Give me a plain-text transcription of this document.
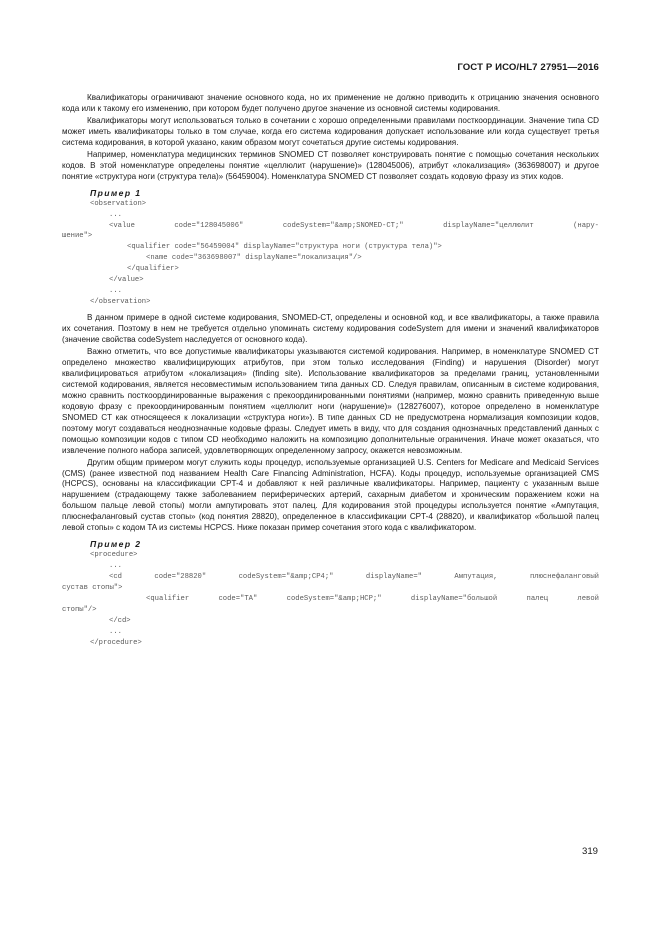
ГОСТ Р ИСО/HL7 27951—2016

Квалификаторы ограничивают значение основного кода, но их применение не должно приводить к отрицанию значения основного кода или к такому его изменению, при котором будет получено другое значение из основной системы кодирования.

Квалификаторы могут использоваться только в сочетании с хорошо определенными правилами посткоординации. Значение типа CD может иметь квалификаторы только в том случае, когда его система кодирования допускает использование или когда существует третья система кодирования, в которой указано, каким образом могут сочетаться другие системы кодирования.

Например, номенклатура медицинских терминов SNOMED CT позволяет конструировать понятие с помощью сочетания нескольких кодов. В этой номенклатуре определены понятие «целлюлит (нарушение)» (128045006), атрибут «локализация» (363698007) и другое понятие «структура ноги (структура тела)» (56459004). Номенклатура SNOMED CT позволяет создать кодовую фразу из этих кодов.

Пример 1
<observation>
...
<value code="128045006" codeSystem="&amp;SNOMED-CT;" displayName="целлюлит (нару-
шение">
<qualifier code="56459004" displayName="структура ноги (структура тела)">
<name code="363698007" displayName="локализация"/>
</qualifier>
</value>
...
</observation>

В данном примере в одной системе кодирования, SNOMED-CT, определены и основной код, и все квалификаторы, а также правила их сочетания. Поэтому в нем не требуется отдельно упоминать систему кодирования codeSystem для имени и значений квалификаторов (значение свойства codeSystem наследуется от основного кода).

Важно отметить, что все допустимые квалификаторы указываются системой кодирования. Например, в номенклатуре SNOMED CT определено множество квалифицирующих атрибутов, при этом только исследования (Finding) и нарушения (Disorder) могут квалифицироваться атрибутом «локализация» (finding site). Использование квалификаторов за пределами границ, установленными системой кодирования, является несовместимым использованием типа данных CD. Следуя правилам, описанным в системе кодирования, можно сравнить посткоординированные выражения с прекоординированными понятиями (например, можно сравнить приведенную выше кодовую фразу с прекоординированным понятием «целлюлит ноги (нарушение)» (128276007), которое определено в номенклатуре SNOMED CT как относящееся к локализации «структура ноги»). В типе данных CD не предусмотрена нормализация композиции кодов, поэтому могут создаваться неоднозначные кодовые фразы. Следует иметь в виду, что для создания однозначных представлений данных с помощью композиции кодов с типом CD необходимо наложить на композицию дополнительные ограничения. Иначе может оказаться, что извлечение полного набора записей, удовлетворяющих определенному запросу, окажется невозможным.

Другим общим примером могут служить коды процедур, используемые организацией U.S. Centers for Medicare and Medicaid Services (CMS) (ранее известной под названием Health Care Financing Administration, HCFA). Коды процедур, используемые организацией CMS (HCPCS), основаны на классификации CPT-4 и добавляют к ней различные квалификаторы. Например, пациенту с указанным выше нарушением (страдающему также заболеванием периферических артерий, сахарным диабетом и хроническим поражением кожи на большом пальце левой стопы) могли ампутировать этот палец. Для кодирования этой процедуры используется понятие «Ампутация, плюснефаланговый сустав стопы» (код понятия 28820), определенное в классификации CPT-4 (28820), и квалификатор «большой палец левой стопы» с кодом TA из системы HCPCS. Ниже показан пример сочетания этого кода с квалификатором.

Пример 2
<procedure>
...
<cd code="28820" codeSystem="&amp;CP4;" displayName=" Ампутация, плюснефаланговый
сустав стопы">
<qualifier code="TA" codeSystem="&amp;HCP;" displayName="большой палец левой
стопы"/>
</cd>
...
</procedure>
319
